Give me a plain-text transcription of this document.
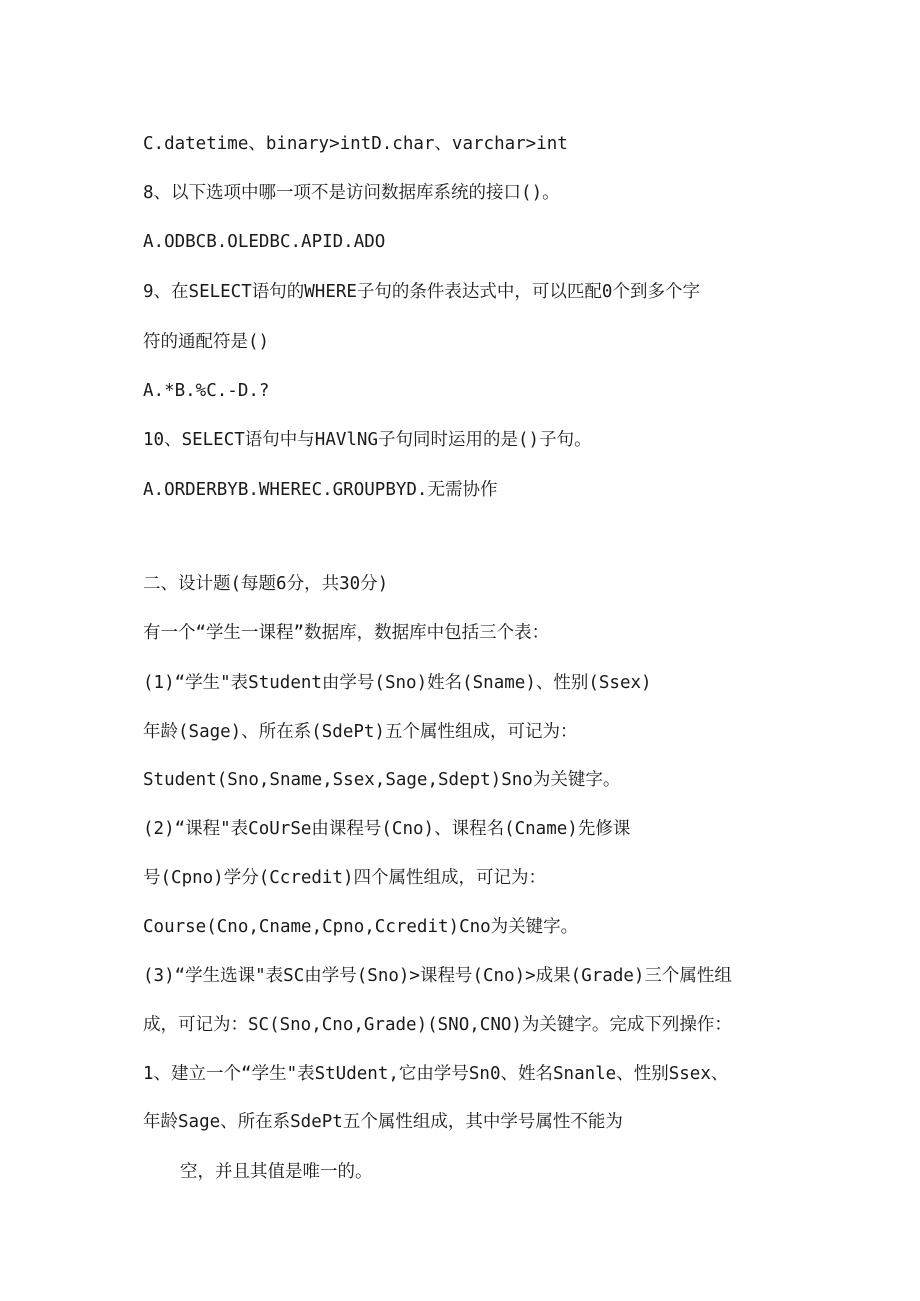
C.datetime、binary>intD.char、varchar>int
8、以下选项中哪一项不是访问数据库系统的接口()。
A.ODBCB.OLEDBC.APID.ADO
9、在SELECT语句的WHERE子句的条件表达式中，可以匹配0个到多个字
符的通配符是()
A.*B.%C.-D.?
10、SELECT语句中与HAVlNG子句同时运用的是()子句。
A.ORDERBYB.WHEREC.GROUPBYD.无需协作
二、设计题(每题6分，共30分)
有一个“学生一课程”数据库，数据库中包括三个表：
(1)“学生"表Student由学号(Sno)姓名(Sname)、性别(Ssex)
年龄(Sage)、所在系(SdePt)五个属性组成，可记为：
Student(Sno,Sname,Ssex,Sage,Sdept)Sno为关键字。
(2)“课程"表CoUrSe由课程号(Cno)、课程名(Cname)先修课
号(Cpno)学分(Ccredit)四个属性组成，可记为：
Course(Cno,Cname,Cpno,Ccredit)Cno为关键字。
(3)“学生选课"表SC由学号(Sno)>课程号(Cno)>成果(Grade)三个属性组
成，可记为：SC(Sno,Cno,Grade)(SNO,CNO)为关键字。完成下列操作：
1、建立一个“学生"表StUdent,它由学号Sn0、姓名Snanle、性别Ssex、
年龄Sage、所在系SdePt五个属性组成，其中学号属性不能为
空，并且其值是唯一的。
